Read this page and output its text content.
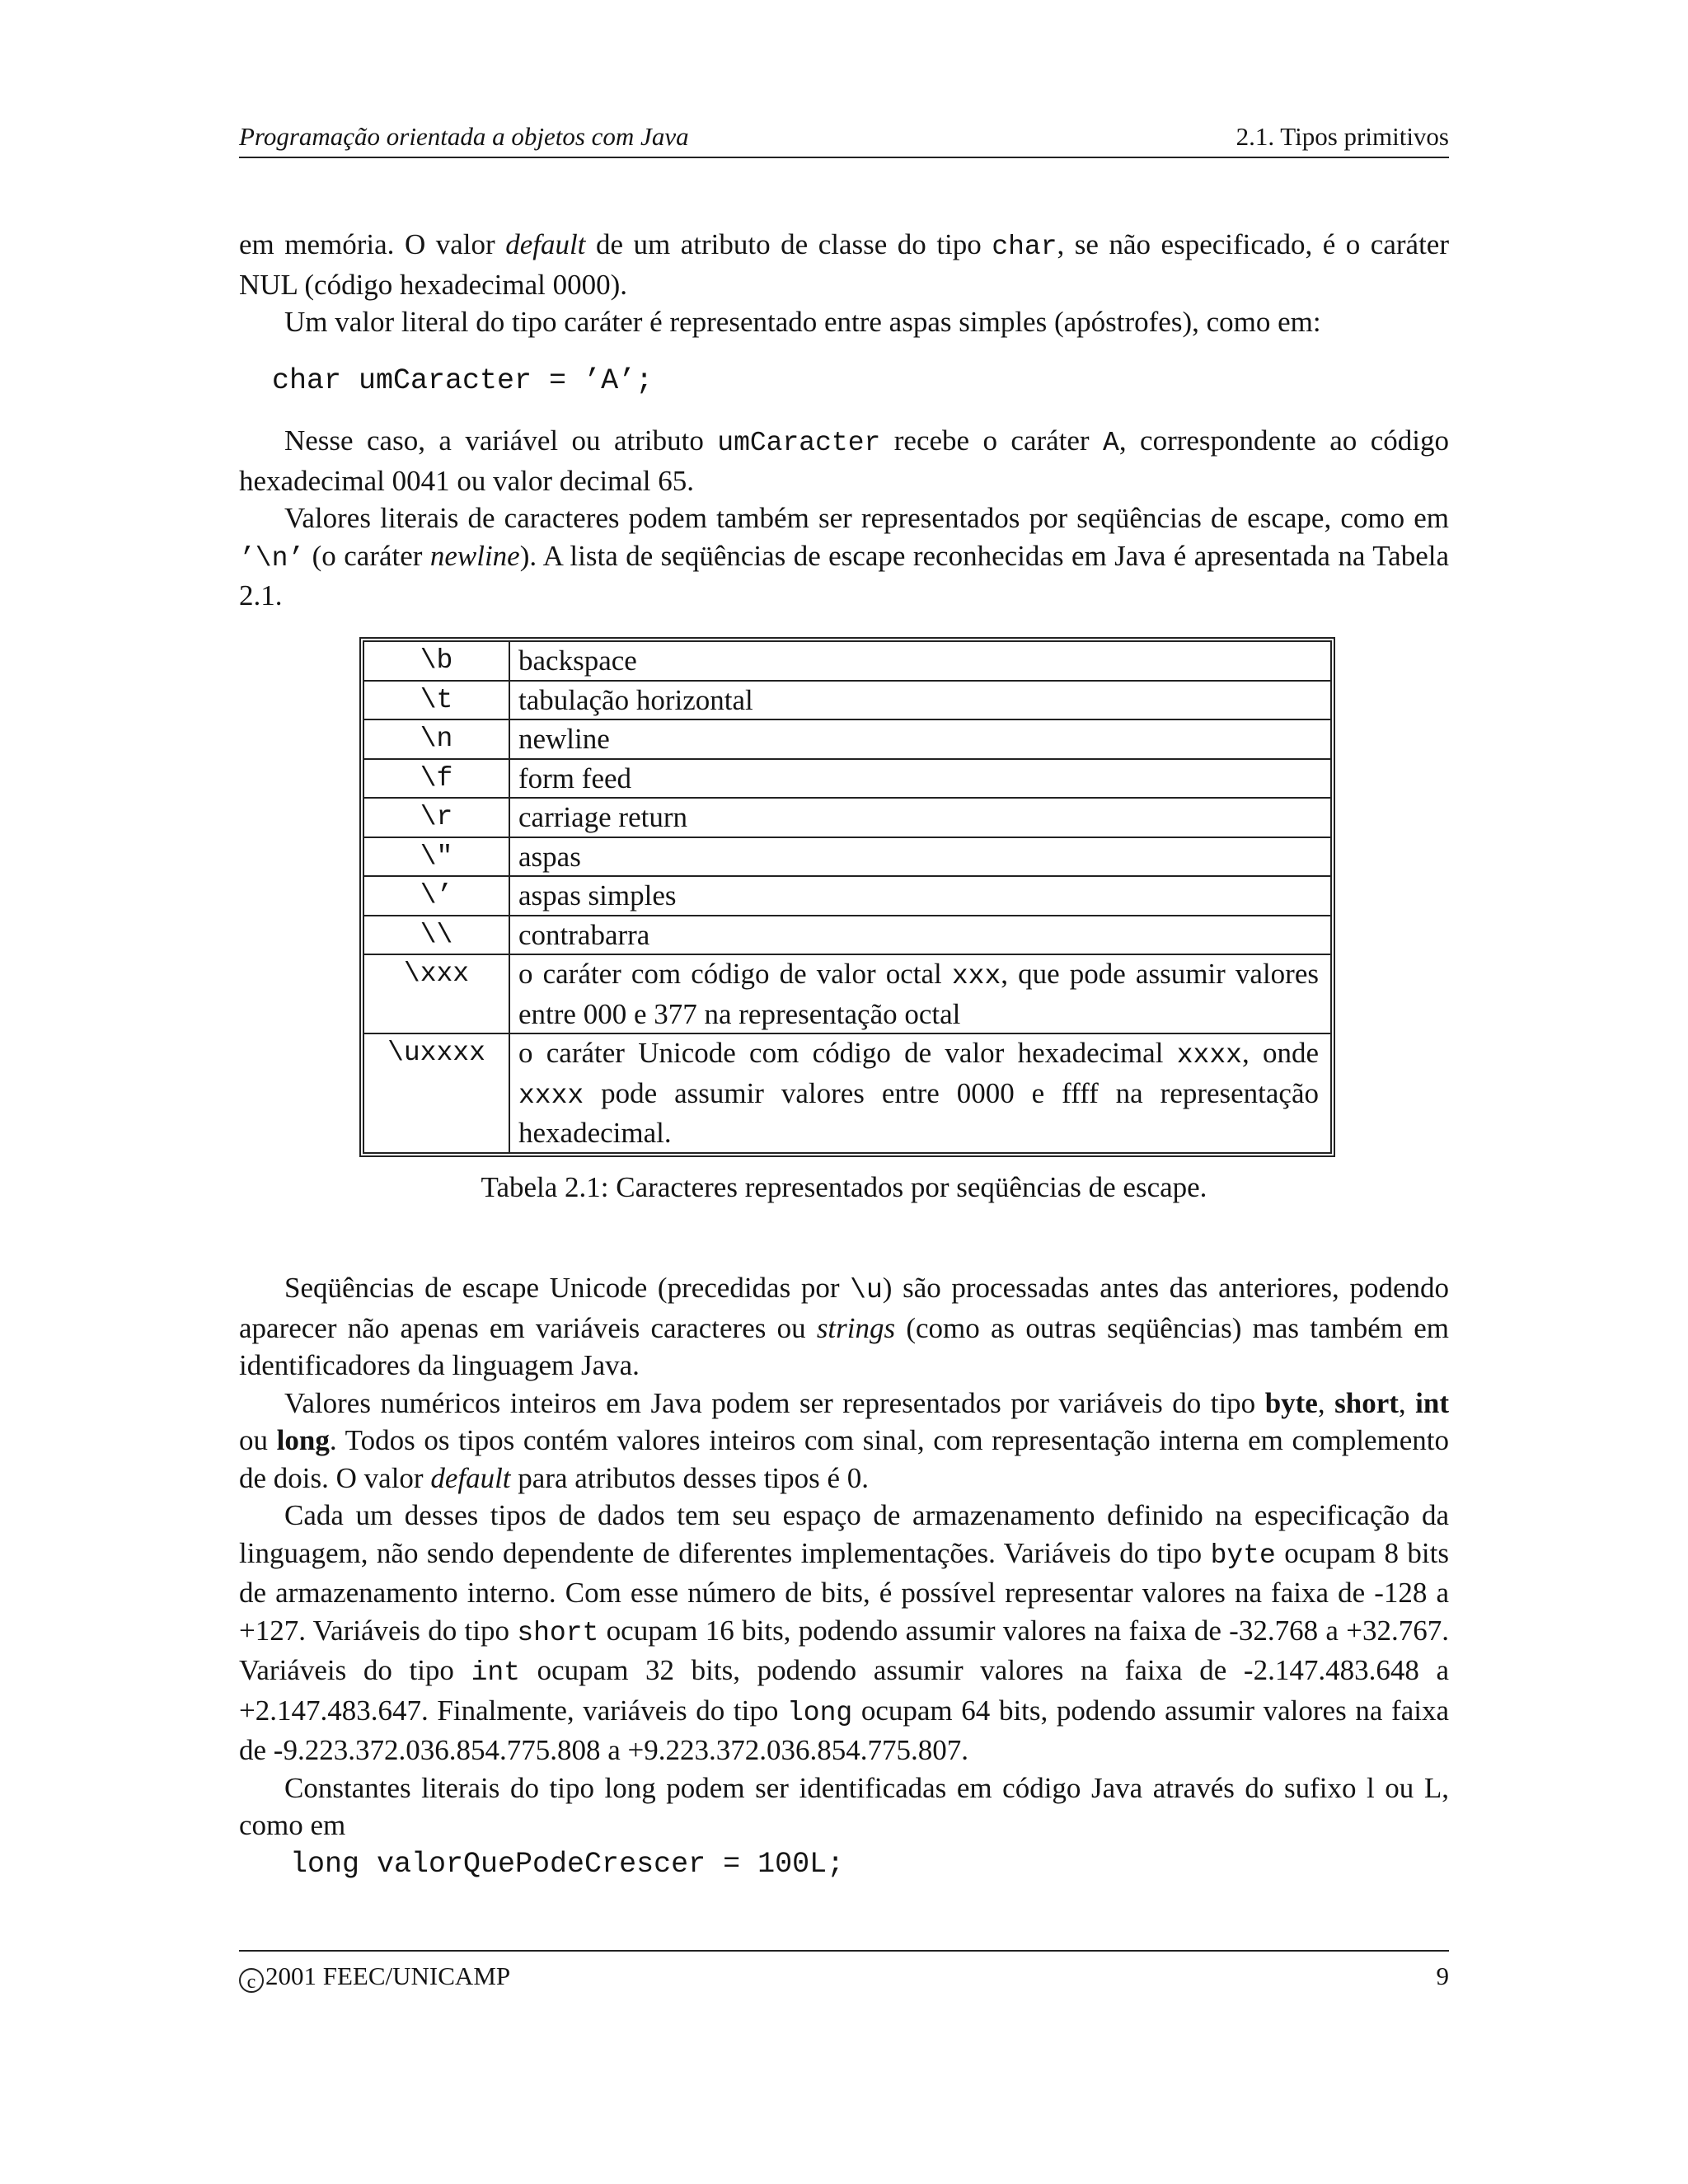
Programação orientada a objetos com Java	2.1. Tipos primitivos

em memória. O valor default de um atributo de classe do tipo char, se não especificado, é o caráter NUL (código hexadecimal 0000).

Um valor literal do tipo caráter é representado entre aspas simples (apóstrofes), como em:

char umCaracter = ’A’;

Nesse caso, a variável ou atributo umCaracter recebe o caráter A, correspondente ao código hexadecimal 0041 ou valor decimal 65.

Valores literais de caracteres podem também ser representados por seqüências de escape, como em ’\n’ (o caráter newline). A lista de seqüências de escape reconhecidas em Java é apresentada na Tabela 2.1.

\b	backspace
\t	tabulação horizontal
\n	newline
\f	form feed
\r	carriage return
\"	aspas
\’	aspas simples
\\	contrabarra
\xxx	o caráter com código de valor octal xxx, que pode assumir valores entre 000 e 377 na representação octal
\uxxxx	o caráter Unicode com código de valor hexadecimal xxxx, onde xxxx pode assumir valores entre 0000 e ffff na representação hexadecimal.
Tabela 2.1: Caracteres representados por seqüências de escape.

Seqüências de escape Unicode (precedidas por \u) são processadas antes das anteriores, podendo aparecer não apenas em variáveis caracteres ou strings (como as outras seqüências) mas também em identificadores da linguagem Java.

Valores numéricos inteiros em Java podem ser representados por variáveis do tipo byte, short, int ou long. Todos os tipos contém valores inteiros com sinal, com representação interna em complemento de dois. O valor default para atributos desses tipos é 0.

Cada um desses tipos de dados tem seu espaço de armazenamento definido na especificação da linguagem, não sendo dependente de diferentes implementações. Variáveis do tipo byte ocupam 8 bits de armazenamento interno. Com esse número de bits, é possível representar valores na faixa de -128 a +127. Variáveis do tipo short ocupam 16 bits, podendo assumir valores na faixa de -32.768 a +32.767. Variáveis do tipo int ocupam 32 bits, podendo assumir valores na faixa de -2.147.483.648 a +2.147.483.647. Finalmente, variáveis do tipo long ocupam 64 bits, podendo assumir valores na faixa de -9.223.372.036.854.775.808 a +9.223.372.036.854.775.807.

Constantes literais do tipo long podem ser identificadas em código Java através do sufixo l ou L, como em

long valorQuePodeCrescer = 100L;
c 2001 FEEC/UNICAMP	9
